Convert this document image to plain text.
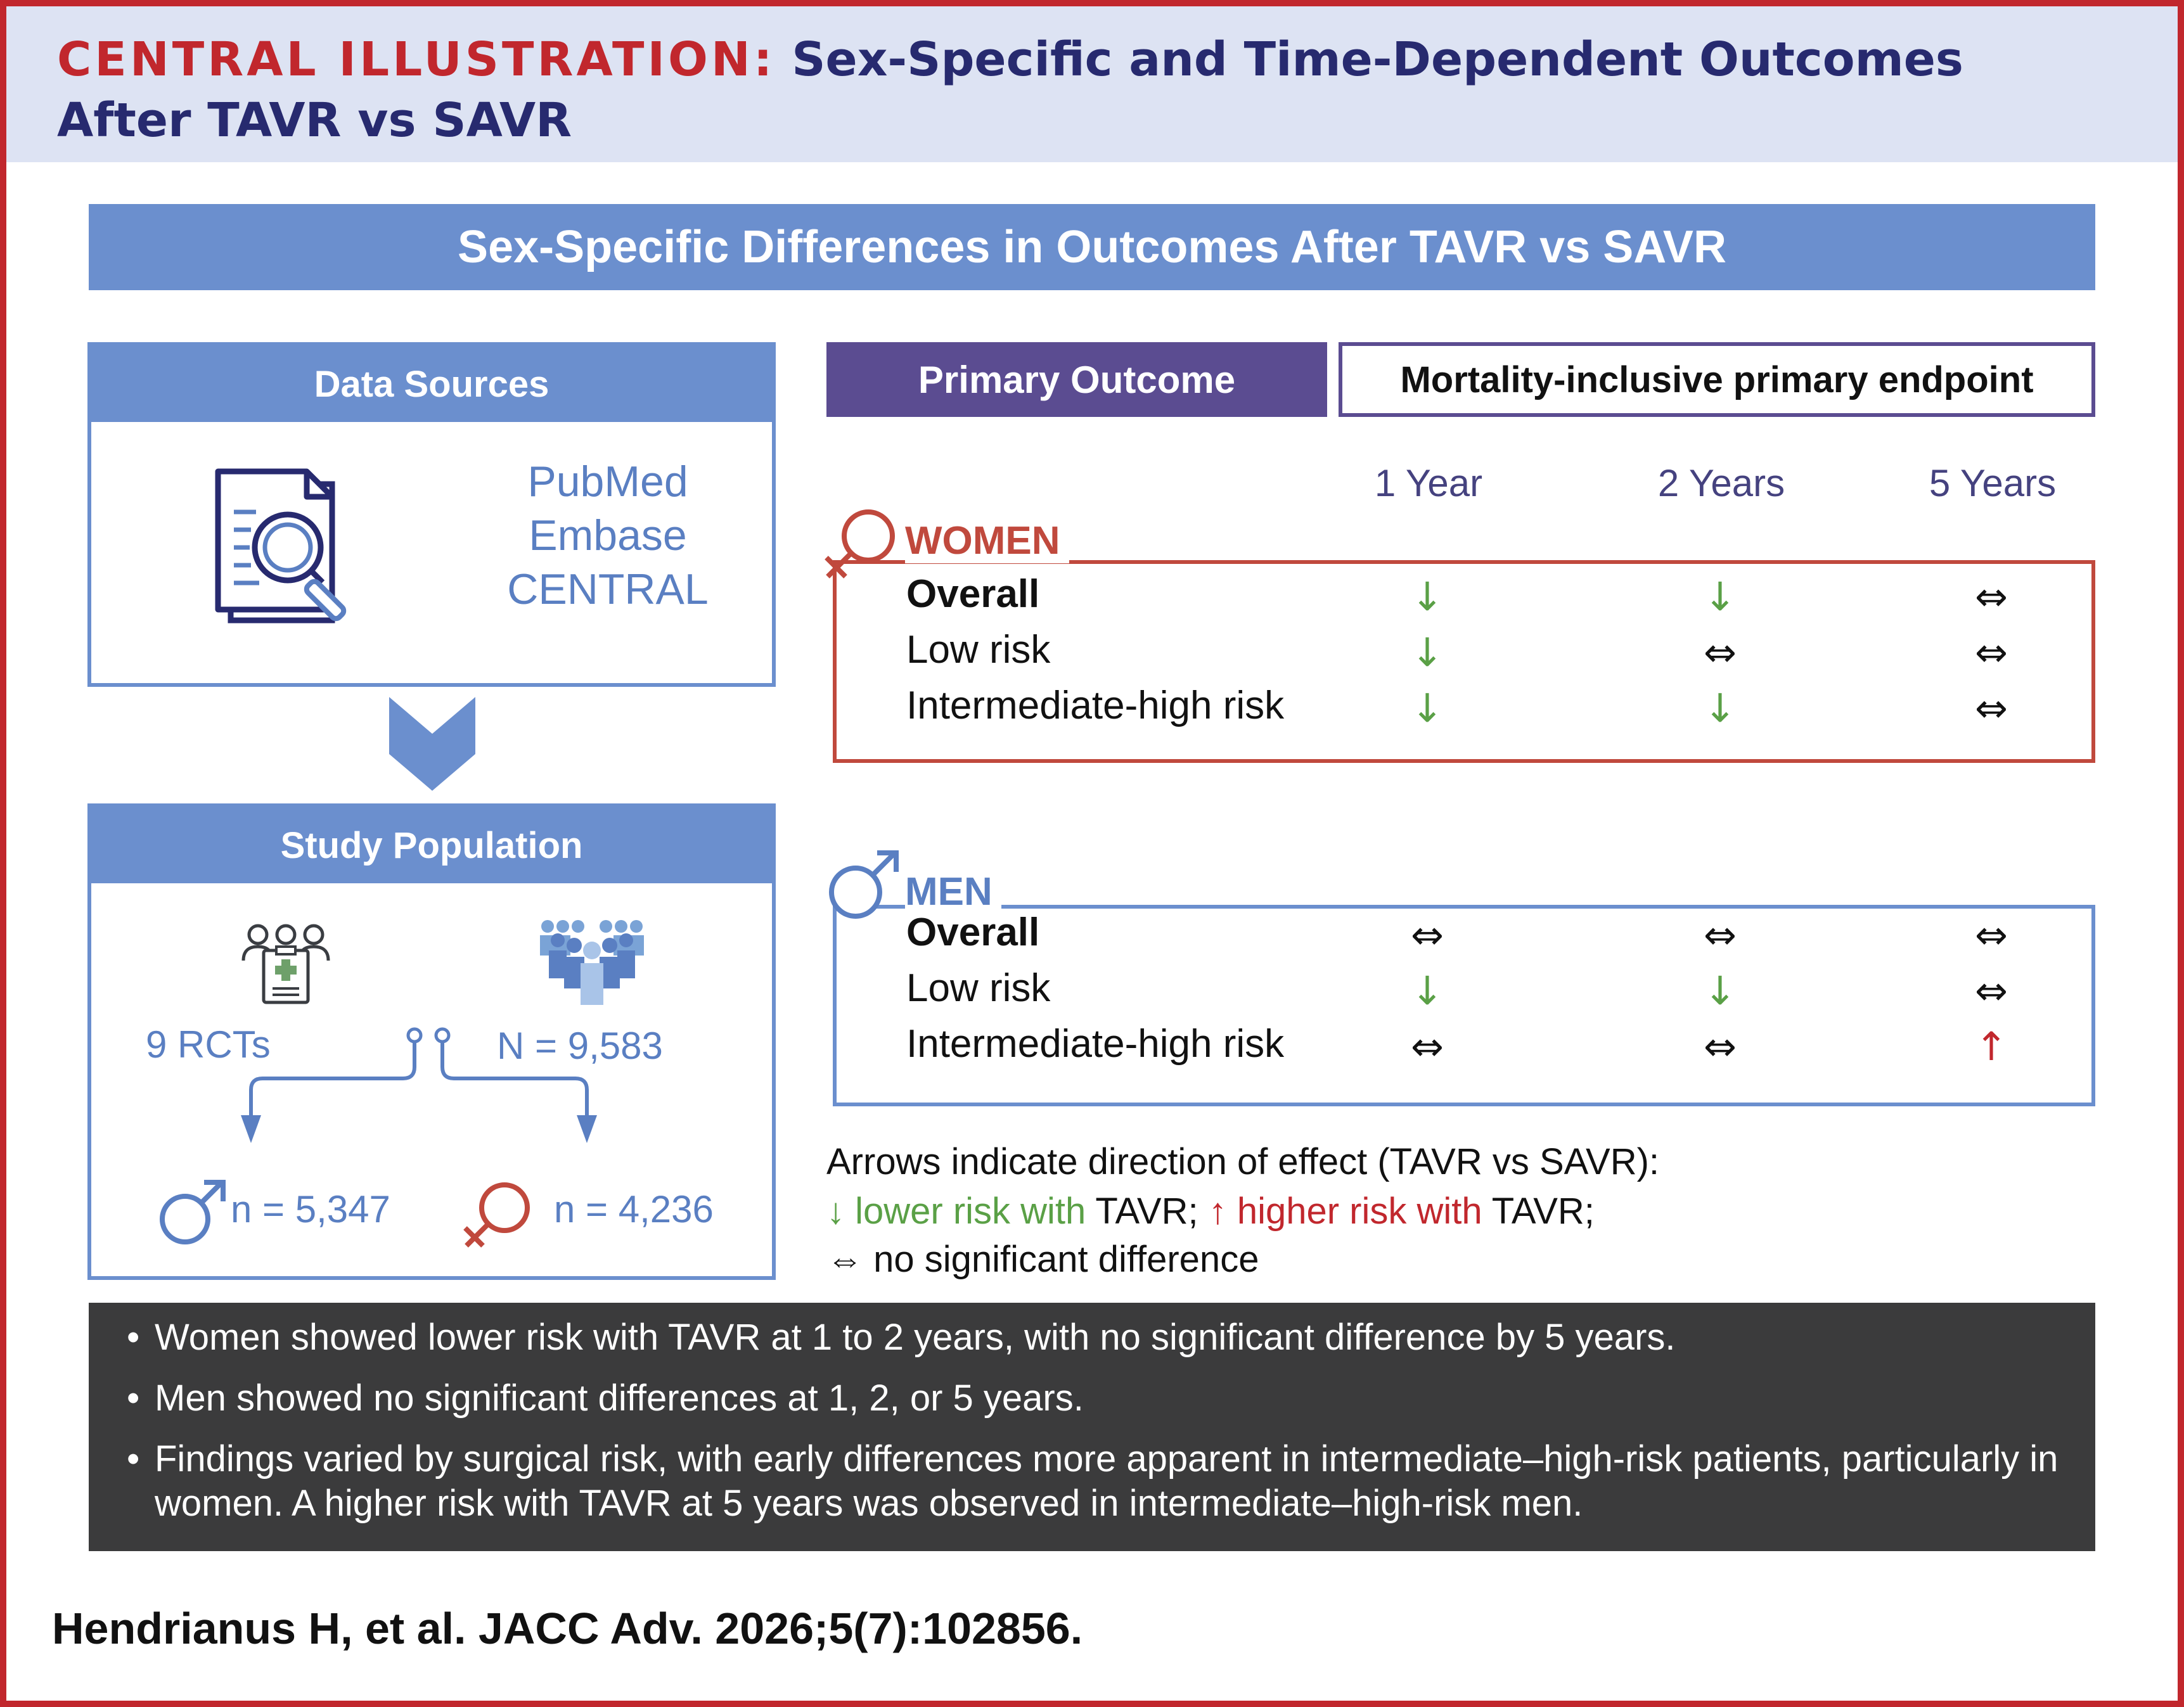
CENTRAL ILLUSTRATION: Sex-Specific and Time-Dependent Outcomes
After TAVR vs SAVR
Sex-Specific Differences in Outcomes After TAVR vs SAVR
Data Sources
PubMed
Embase
CENTRAL
Study Population
9 RCTs	N = 9,583
n = 5,347	n = 4,236
Primary Outcome	Mortality-inclusive primary endpoint
1 Year	2 Years	5 Years
WOMEN
Overall	↓	↓	⇔
Low risk	↓	⇔	⇔
Intermediate-high risk	↓	↓	⇔
MEN
Overall	⇔	⇔	⇔
Low risk	↓	↓	⇔
Intermediate-high risk	⇔	⇔	↑
Arrows indicate direction of effect (TAVR vs SAVR):
↓ lower risk with TAVR; ↑ higher risk with TAVR;
⇔ no significant difference
• Women showed lower risk with TAVR at 1 to 2 years, with no significant difference by 5 years.
• Men showed no significant differences at 1, 2, or 5 years.
• Findings varied by surgical risk, with early differences more apparent in intermediate–high-risk patients, particularly in women. A higher risk with TAVR at 5 years was observed in intermediate–high-risk men.
Hendrianus H, et al. JACC Adv. 2026;5(7):102856.
